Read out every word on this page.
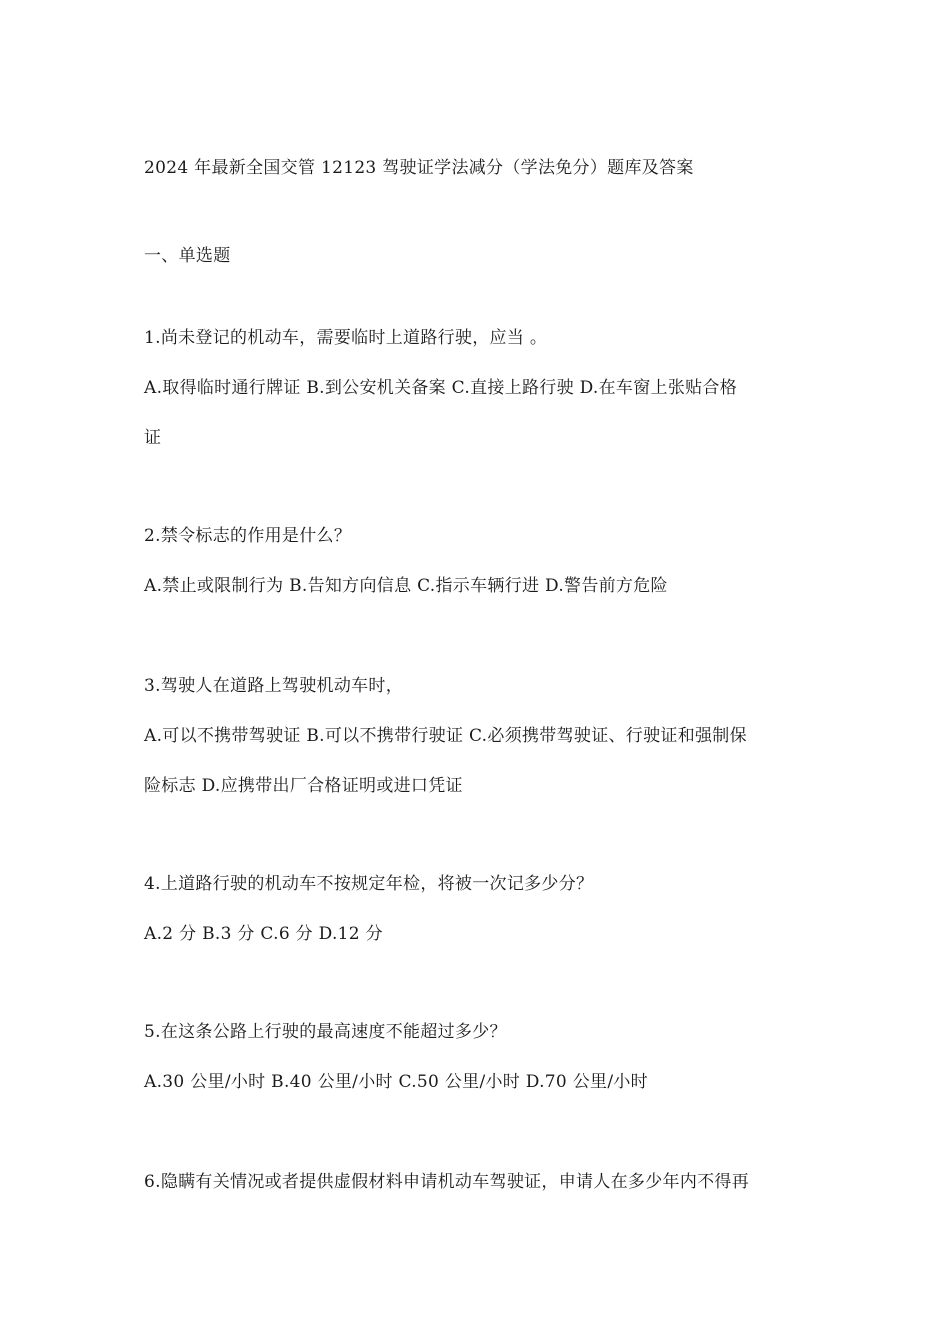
2024 年最新全国交管 12123 驾驶证学法减分（学法免分）题库及答案
一、单选题
1.尚未登记的机动车，需要临时上道路行驶，应当 。
A.取得临时通行牌证 B.到公安机关备案 C.直接上路行驶 D.在车窗上张贴合格
证
2.禁令标志的作用是什么？
A.禁止或限制行为 B.告知方向信息 C.指示车辆行进 D.警告前方危险
3.驾驶人在道路上驾驶机动车时，
A.可以不携带驾驶证 B.可以不携带行驶证 C.必须携带驾驶证、行驶证和强制保
险标志 D.应携带出厂合格证明或进口凭证
4.上道路行驶的机动车不按规定年检，将被一次记多少分？
A.2 分 B.3 分 C.6 分 D.12 分
5.在这条公路上行驶的最高速度不能超过多少？
A.30 公里/小时 B.40 公里/小时 C.50 公里/小时 D.70 公里/小时
6.隐瞒有关情况或者提供虚假材料申请机动车驾驶证，申请人在多少年内不得再
